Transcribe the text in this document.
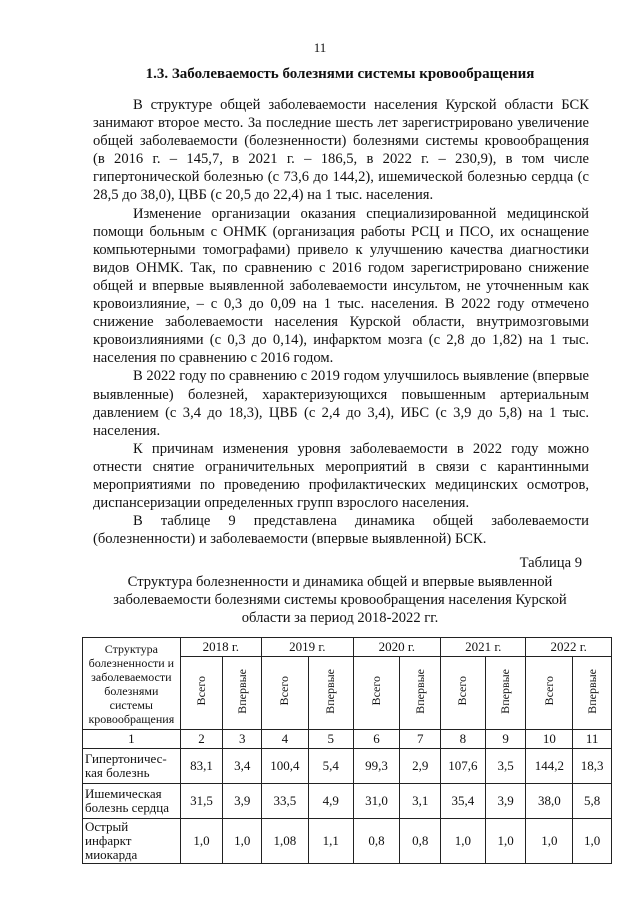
11
1.3. Заболеваемость болезнями системы кровообращения

В структуре общей заболеваемости населения Курской области БСК занимают второе место. За последние шесть лет зарегистрировано увеличение общей заболеваемости (болезненности) болезнями системы кровообращения (в 2016 г. – 145,7, в 2021 г. – 186,5, в 2022 г. – 230,9), в том числе гипертонической болезнью (с 73,6 до 144,2), ишемической болезнью сердца (с 28,5 до 38,0), ЦВБ (с 20,5 до 22,4) на 1 тыс. населения.

Изменение организации оказания специализированной медицинской помощи больным с ОНМК (организация работы РСЦ и ПСО, их оснащение компьютерными томографами) привело к улучшению качества диагностики видов ОНМК. Так, по сравнению с 2016 годом зарегистрировано снижение общей и впервые выявленной заболеваемости инсультом, не уточненным как кровоизлияние, – с 0,3 до 0,09 на 1 тыс. населения. В 2022 году отмечено снижение заболеваемости населения Курской области, внутримозговыми кровоизлияниями (с 0,3 до 0,14), инфарктом мозга (с 2,8 до 1,82) на 1 тыс. населения по сравнению с 2016 годом.

В 2022 году по сравнению с 2019 годом улучшилось выявление (впервые выявленные) болезней, характеризующихся повышенным артериальным давлением (с 3,4 до 18,3), ЦВБ (с 2,4 до 3,4), ИБС (с 3,9 до 5,8) на 1 тыс. населения.

К причинам изменения уровня заболеваемости в 2022 году можно отнести снятие ограничительных мероприятий в связи с карантинными мероприятиями по проведению профилактических медицинских осмотров, диспансеризации определенных групп взрослого населения.

В таблице 9 представлена динамика общей заболеваемости (болезненности) и заболеваемости (впервые выявленной) БСК.

Таблица 9
Структура болезненности и динамика общей и впервые выявленной заболеваемости болезнями системы кровообращения населения Курской области за период 2018-2022 гг.
Структура болезненности и заболеваемости болезнями системы кровообращения	2018 г.		2019 г.		2020 г.		2021 г.		2022 г.	
	Всего	Впервые	Всего	Впервые	Всего	Впервые	Всего	Впервые	Всего	Впервые
1	2	3	4	5	6	7	8	9	10	11
Гипертоничес-кая болезнь	83,1	3,4	100,4	5,4	99,3	2,9	107,6	3,5	144,2	18,3
Ишемическая болезнь сердца	31,5	3,9	33,5	4,9	31,0	3,1	35,4	3,9	38,0	5,8
Острый инфаркт миокарда	1,0	1,0	1,08	1,1	0,8	0,8	1,0	1,0	1,0	1,0
